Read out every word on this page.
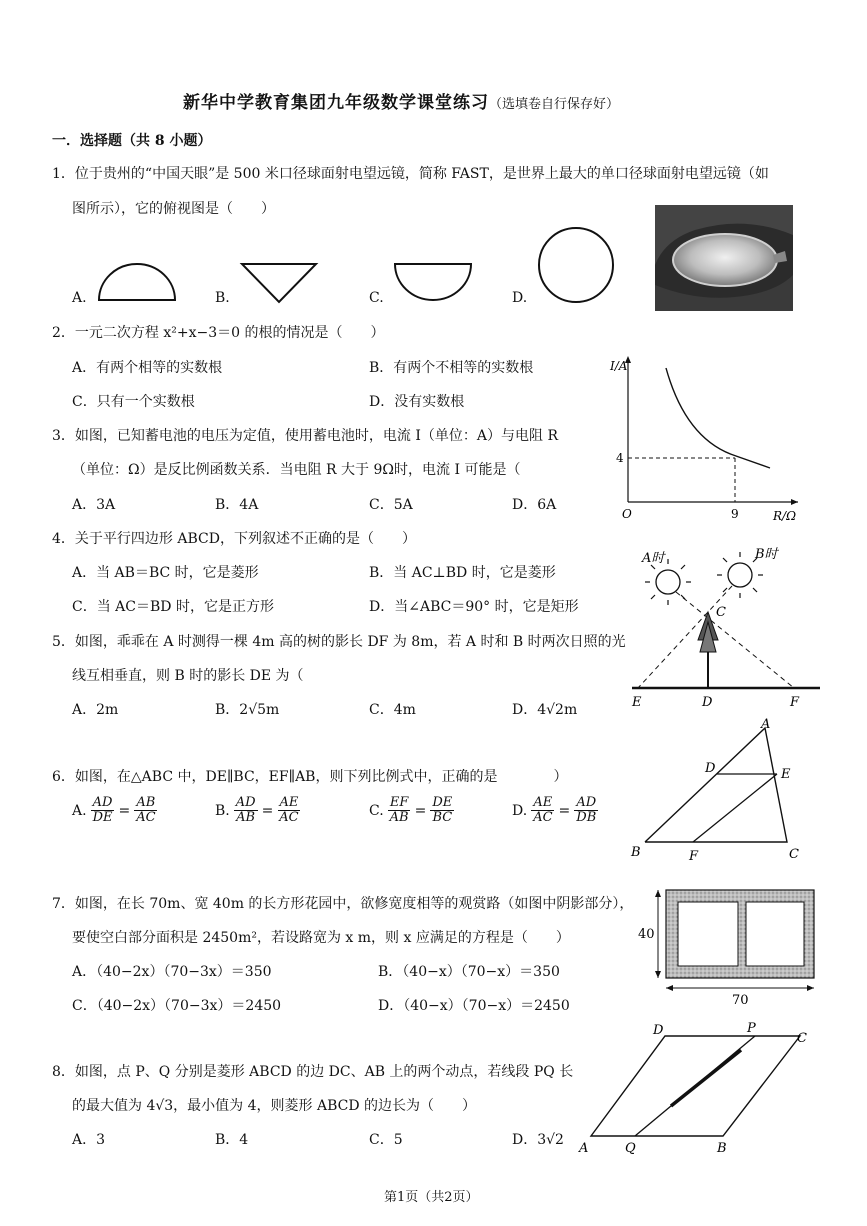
新华中学教育集团九年级数学课堂练习（选填卷自行保存好）
一．选择题（共 8 小题）
1．位于贵州的“中国天眼”是 500 米口径球面射电望远镜，简称 FAST，是世界上最大的单口径球面射电望远镜（如
图所示），它的俯视图是（　　）
A.	B.	C.	D.
2．一元二次方程 x²+x−3＝0 的根的情况是（　　）
A．有两个相等的实数根	B．有两个不相等的实数根
C．只有一个实数根	D．没有实数根
I/A
4
O	9	R/Ω
3．如图，已知蓄电池的电压为定值，使用蓄电池时，电流 I（单位：A）与电阻 R
（单位：Ω）是反比例函数关系．当电阻 R 大于 9Ω时，电流 I 可能是（
A．3A	B．4A	C．5A	D．6A
4．关于平行四边形 ABCD，下列叙述不正确的是（　　）
A．当 AB＝BC 时，它是菱形	B．当 AC⊥BD 时，它是菱形
C．当 AC＝BD 时，它是正方形	D．当∠ABC＝90° 时，它是矩形
A时	B时
C
E	D	F
5．如图，乖乖在 A 时测得一棵 4m 高的树的影长 DF 为 8m，若 A 时和 B 时两次日照的光
线互相垂直，则 B 时的影长 DE 为（
A．2m	B．2√5m	C．4m	D．4√2m
A
D	E
B	F	C
6．如图，在△ABC 中，DE∥BC，EF∥AB，则下列比例式中，正确的是　　　　）
A. $\frac{AD}{DE} = \frac{AB}{AC}$	B. $\frac{AD}{AB} = \frac{AE}{AC}$	C. $\frac{EF}{AB} = \frac{DE}{BC}$	D. $\frac{AE}{AC} = \frac{AD}{DB}$
40
70
7．如图，在长 70m、宽 40m 的长方形花园中，欲修宽度相等的观赏路（如图中阴影部分），
要使空白部分面积是 2450m²，若设路宽为 x m，则 x 应满足的方程是（　　）
A．（40−2x）（70−3x）＝350	B．（40−x）（70−x）＝350
C．（40−2x）（70−3x）＝2450	D．（40−x）（70−x）＝2450
D	P
C
A	Q	B
8．如图，点 P、Q 分别是菱形 ABCD 的边 DC、AB 上的两个动点，若线段 PQ 长
的最大值为 4√3，最小值为 4，则菱形 ABCD 的边长为（　　）
A．3	B．4	C．5	D．3√2
第1页（共2页）
